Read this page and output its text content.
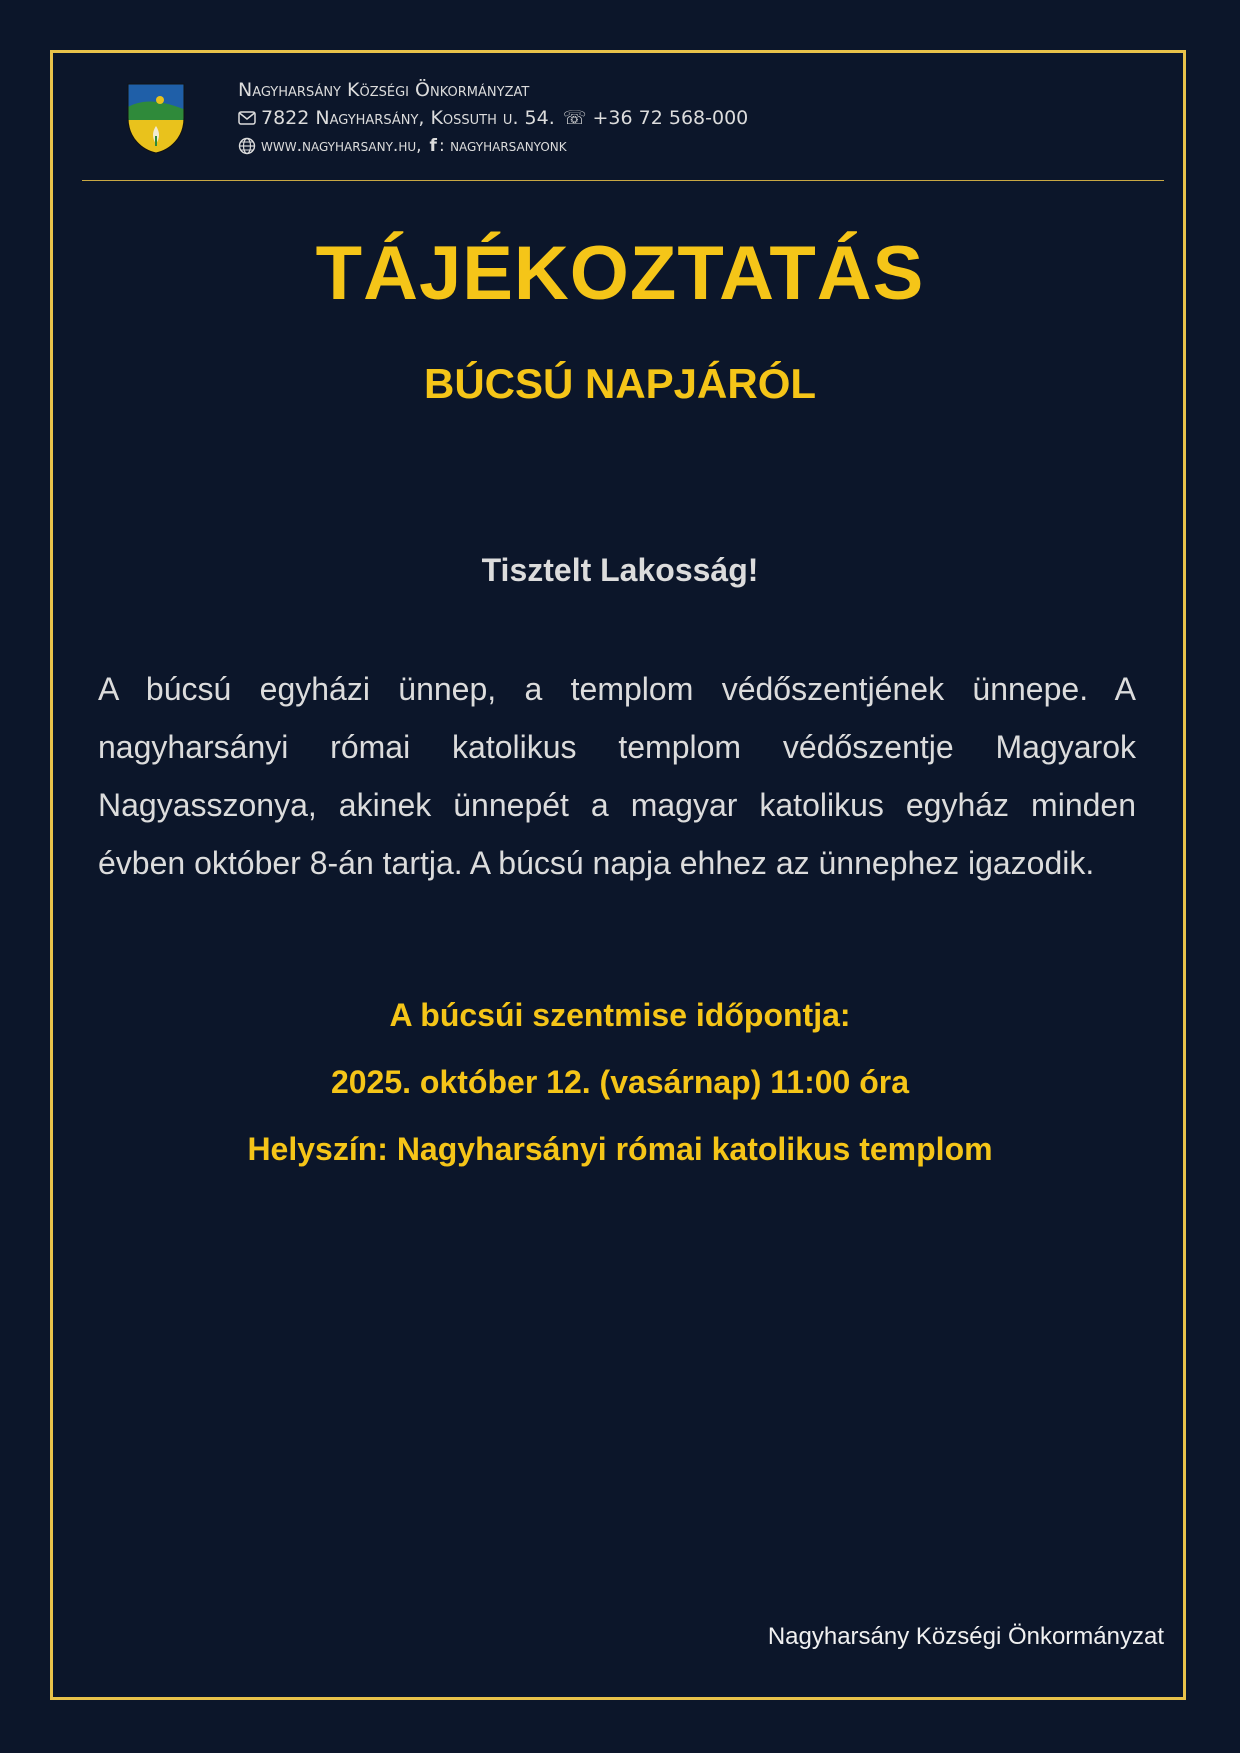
Nagyharsány Községi Önkormányzat
7822 Nagyharsány, Kossuth u. 54. ☏ +36 72 568-000
www.nagyharsany.hu, f : nagyharsanyonk
TÁJÉKOZTATÁS
BÚCSÚ NAPJÁRÓL
Tisztelt Lakosság!
A búcsú egyházi ünnep, a templom védőszentjének ünnepe. A nagyharsányi római katolikus templom védőszentje Magyarok Nagyasszonya, akinek ünnepét a magyar katolikus egyház minden évben október 8-án tartja. A búcsú napja ehhez az ünnephez igazodik.
A búcsúi szentmise időpontja:
2025. október 12. (vasárnap) 11:00 óra
Helyszín: Nagyharsányi római katolikus templom
Nagyharsány Községi Önkormányzat
